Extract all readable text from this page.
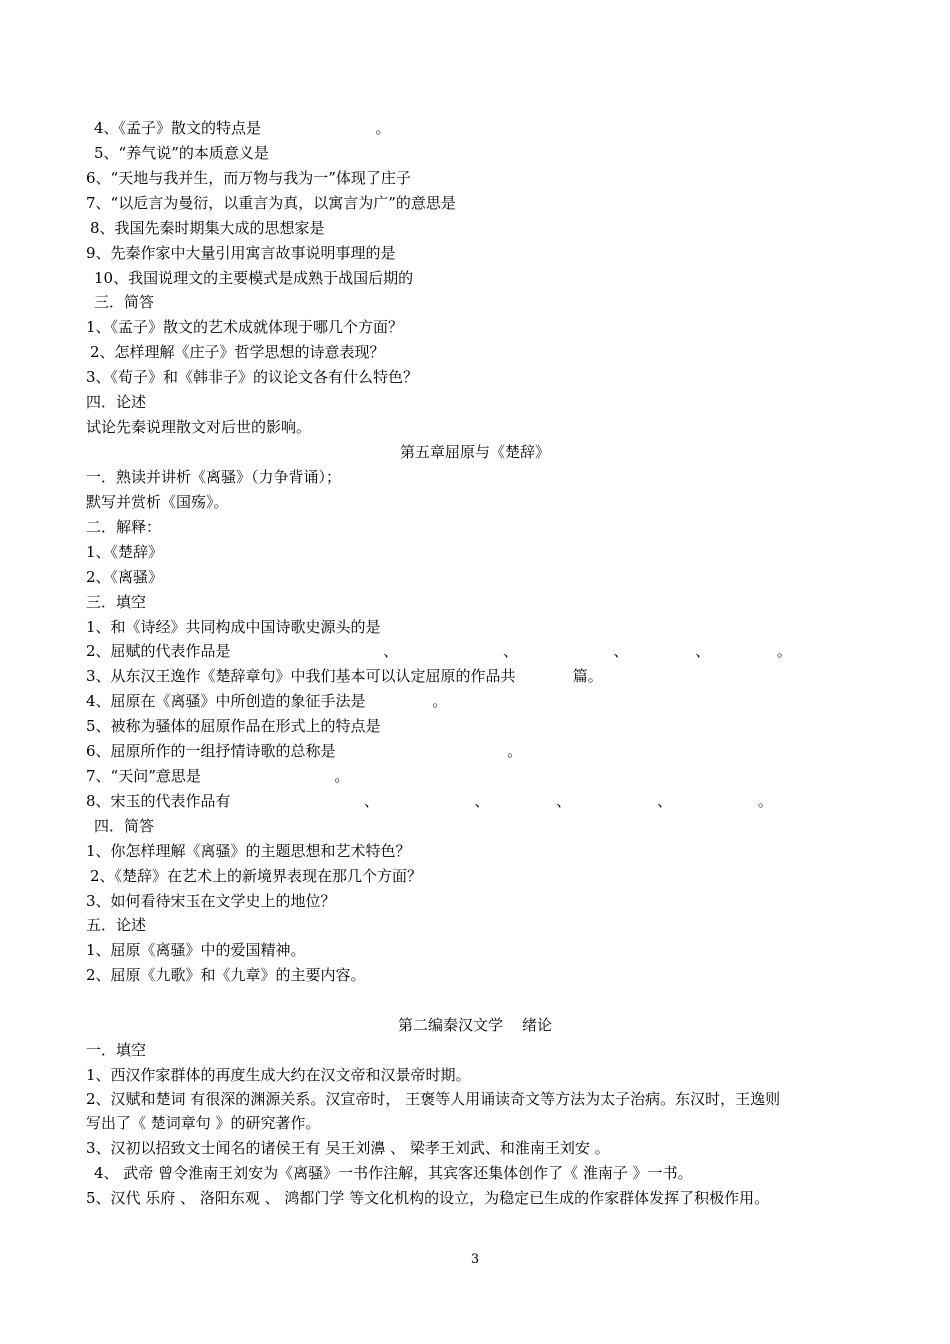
4、《孟子》散文的特点是                        。
5、“养气说”的本质意义是
6、“天地与我并生，而万物与我为一”体现了庄子
7、“以卮言为曼衍，以重言为真，以寓言为广”的意思是
8、我国先秦时期集大成的思想家是
9、先秦作家中大量引用寓言故事说明事理的是
10、我国说理文的主要模式是成熟于战国后期的
三．简答
1、《孟子》散文的艺术成就体现于哪几个方面？
2、怎样理解《庄子》哲学思想的诗意表现？
3、《荀子》和《韩非子》的议论文各有什么特色？
四．论述
试论先秦说理散文对后世的影响。
第五章屈原与《楚辞》
一．熟读并讲析《离骚》（力争背诵）；
默写并赏析《国殇》。
二．解释：
1、《楚辞》
2、《离骚》
三．填空
1、和《诗经》共同构成中国诗歌史源头的是
2、屈赋的代表作品是                                、                      、                    、              、              。
3、从东汉王逸作《楚辞章句》中我们基本可以认定屈原的作品共            篇。
4、屈原在《离骚》中所创造的象征手法是              。
5、被称为骚体的屈原作品在形式上的特点是
6、屈原所作的一组抒情诗歌的总称是                                    。
7、“天问”意思是                            。
8、宋玉的代表作品有                            、                    、              、                  、                  。
四．简答
1、你怎样理解《离骚》的主题思想和艺术特色？
2、《楚辞》在艺术上的新境界表现在那几个方面？
3、如何看待宋玉在文学史上的地位？
五．论述
1、屈原《离骚》中的爱国精神。
2、屈原《九歌》和《九章》的主要内容。
第二编秦汉文学    绪论
一．填空
1、西汉作家群体的再度生成大约在汉文帝和汉景帝时期。
2、汉赋和楚词 有很深的渊源关系。汉宣帝时， 王褒等人用诵读奇文等方法为太子治病。东汉时，王逸则
写出了《 楚词章句 》的研究著作。
3、汉初以招致文士闻名的诸侯王有 吴王刘濞 、 梁孝王刘武、和淮南王刘安 。
4、 武帝 曾令淮南王刘安为《离骚》一书作注解，其宾客还集体创作了《 淮南子 》一书。
5、汉代 乐府 、 洛阳东观 、 鸿都门学 等文化机构的设立，为稳定已生成的作家群体发挥了积极作用。
3
